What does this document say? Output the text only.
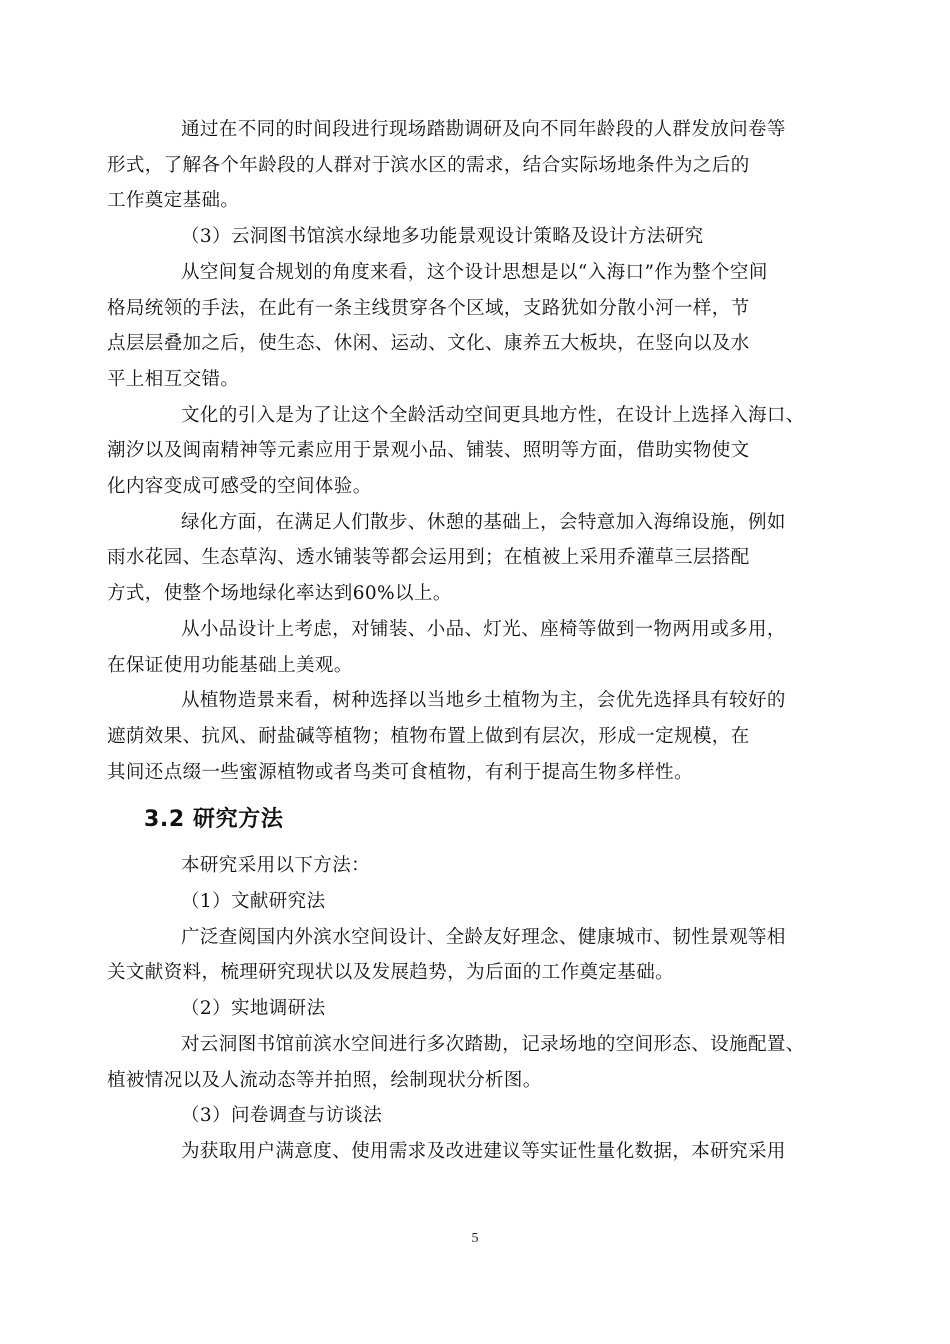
通过在不同的时间段进行现场踏勘调研及向不同年龄段的人群发放问卷等
形式，了解各个年龄段的人群对于滨水区的需求，结合实际场地条件为之后的
工作奠定基础。

（3）云洞图书馆滨水绿地多功能景观设计策略及设计方法研究

从空间复合规划的角度来看，这个设计思想是以“入海口”作为整个空间
格局统领的手法，在此有一条主线贯穿各个区域，支路犹如分散小河一样，节
点层层叠加之后，使生态、休闲、运动、文化、康养五大板块，在竖向以及水
平上相互交错。

文化的引入是为了让这个全龄活动空间更具地方性，在设计上选择入海口、
潮汐以及闽南精神等元素应用于景观小品、铺装、照明等方面，借助实物使文
化内容变成可感受的空间体验。

绿化方面，在满足人们散步、休憩的基础上，会特意加入海绵设施，例如
雨水花园、生态草沟、透水铺装等都会运用到；在植被上采用乔灌草三层搭配
方式，使整个场地绿化率达到60%以上。

从小品设计上考虑，对铺装、小品、灯光、座椅等做到一物两用或多用，
在保证使用功能基础上美观。

从植物造景来看，树种选择以当地乡土植物为主，会优先选择具有较好的
遮荫效果、抗风、耐盐碱等植物；植物布置上做到有层次，形成一定规模，在
其间还点缀一些蜜源植物或者鸟类可食植物，有利于提高生物多样性。

3.2 研究方法

本研究采用以下方法：

（1）文献研究法

广泛查阅国内外滨水空间设计、全龄友好理念、健康城市、韧性景观等相
关文献资料，梳理研究现状以及发展趋势，为后面的工作奠定基础。

（2）实地调研法

对云洞图书馆前滨水空间进行多次踏勘，记录场地的空间形态、设施配置、
植被情况以及人流动态等并拍照，绘制现状分析图。

（3）问卷调查与访谈法

为获取用户满意度、使用需求及改进建议等实证性量化数据，本研究采用

5
